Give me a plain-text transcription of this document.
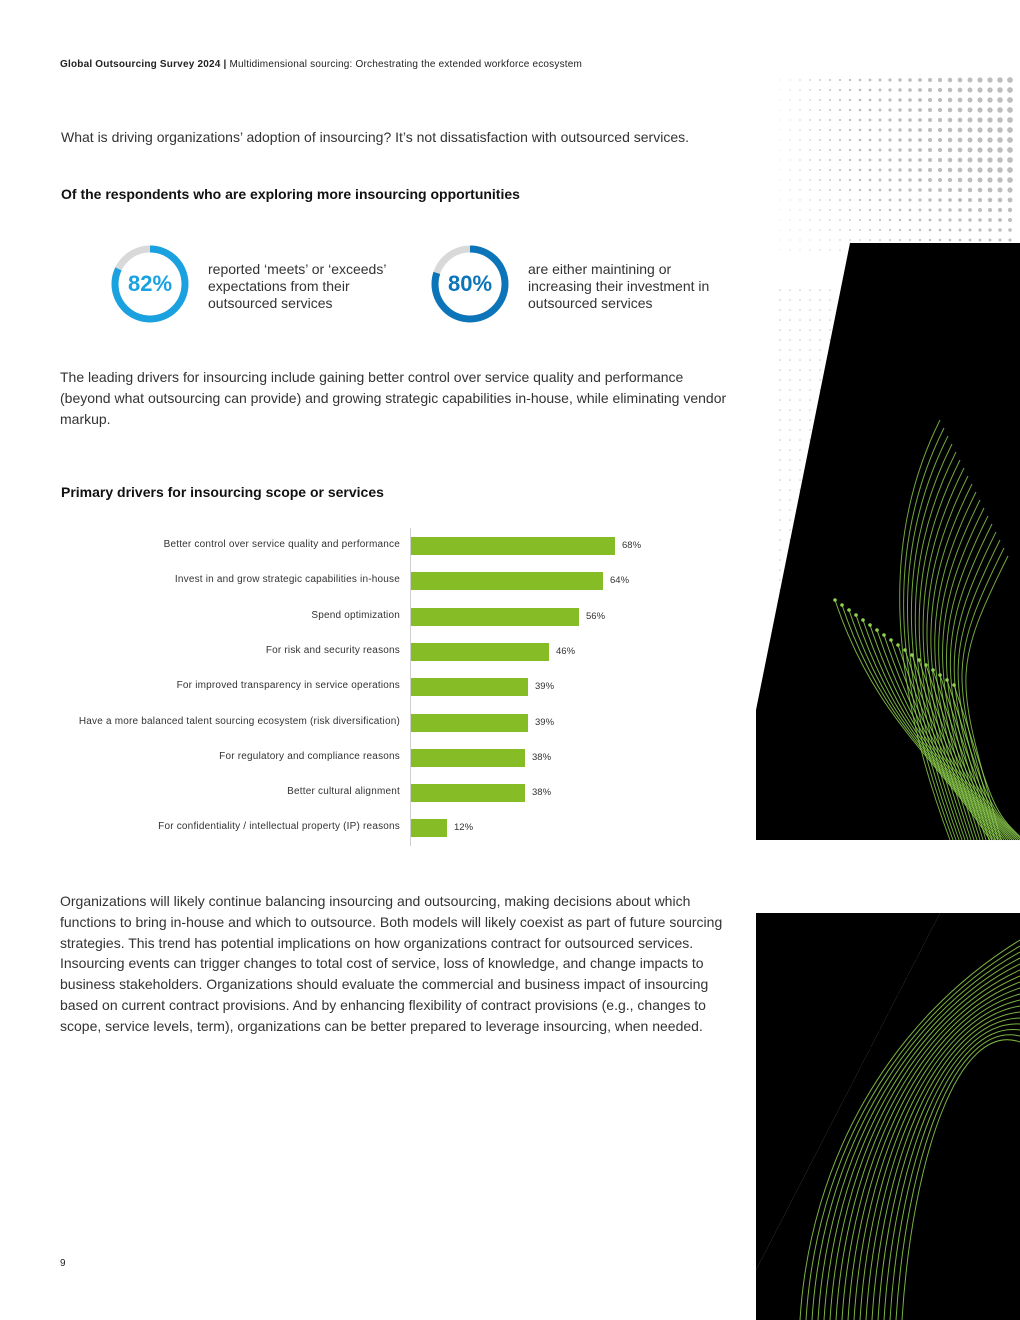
Global Outsourcing Survey 2024 | Multidimensional sourcing: Orchestrating the extended workforce ecosystem
What is driving organizations’ adoption of insourcing? It’s not dissatisfaction with outsourced services.
Of the respondents who are exploring more insourcing opportunities
82%
reported ‘meets’ or ‘exceeds’ expectations from their outsourced services
80%
are either maintining or increasing their investment in outsourced services
The leading drivers for insourcing include gaining better control over service quality and performance (beyond what outsourcing can provide) and growing strategic capabilities in-house, while eliminating vendor markup.
Primary drivers for insourcing scope or services
Better control over service quality and performance	68%
Invest in and grow strategic capabilities in-house	64%
Spend optimization	56%
For risk and security reasons	46%
For improved transparency in service operations	39%
Have a more balanced talent sourcing ecosystem (risk diversification)	39%
For regulatory and compliance reasons	38%
Better cultural alignment	38%
For confidentiality / intellectual property (IP) reasons	12%
Organizations will likely continue balancing insourcing and outsourcing, making decisions about which functions to bring in-house and which to outsource. Both models will likely coexist as part of future sourcing strategies. This trend has potential implications on how organizations contract for outsourced services. Insourcing events can trigger changes to total cost of service, loss of knowledge, and change impacts to business stakeholders. Organizations should evaluate the commercial and business impact of insourcing based on current contract provisions. And by enhancing flexibility of contract provisions (e.g., changes to scope, service levels, term), organizations can be better prepared to leverage insourcing, when needed.
9
